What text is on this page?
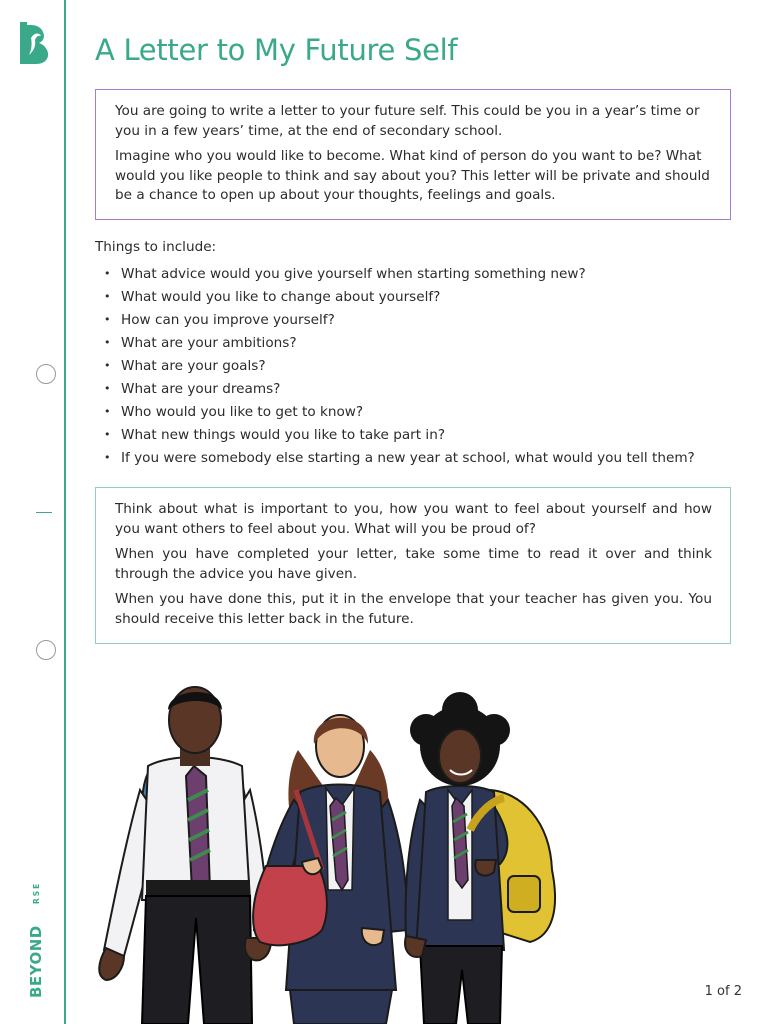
BEYOND
RSE
A Letter to My Future Self

You are going to write a letter to your future self. This could be you in a year’s time or you in a few years’ time, at the end of secondary school.

Imagine who you would like to become. What kind of person do you want to be? What would you like people to think and say about you? This letter will be private and should be a chance to open up about your thoughts, feelings and goals.

Things to include:

• What advice would you give yourself when starting something new?
• What would you like to change about yourself?
• How can you improve yourself?
• What are your ambitions?
• What are your goals?
• What are your dreams?
• Who would you like to get to know?
• What new things would you like to take part in?
• If you were somebody else starting a new year at school, what would you tell them?

Think about what is important to you, how you want to feel about yourself and how you want others to feel about you. What will you be proud of?

When you have completed your letter, take some time to read it over and think through the advice you have given.

When you have done this, put it in the envelope that your teacher has given you. You should receive this letter back in the future.

1 of 2
